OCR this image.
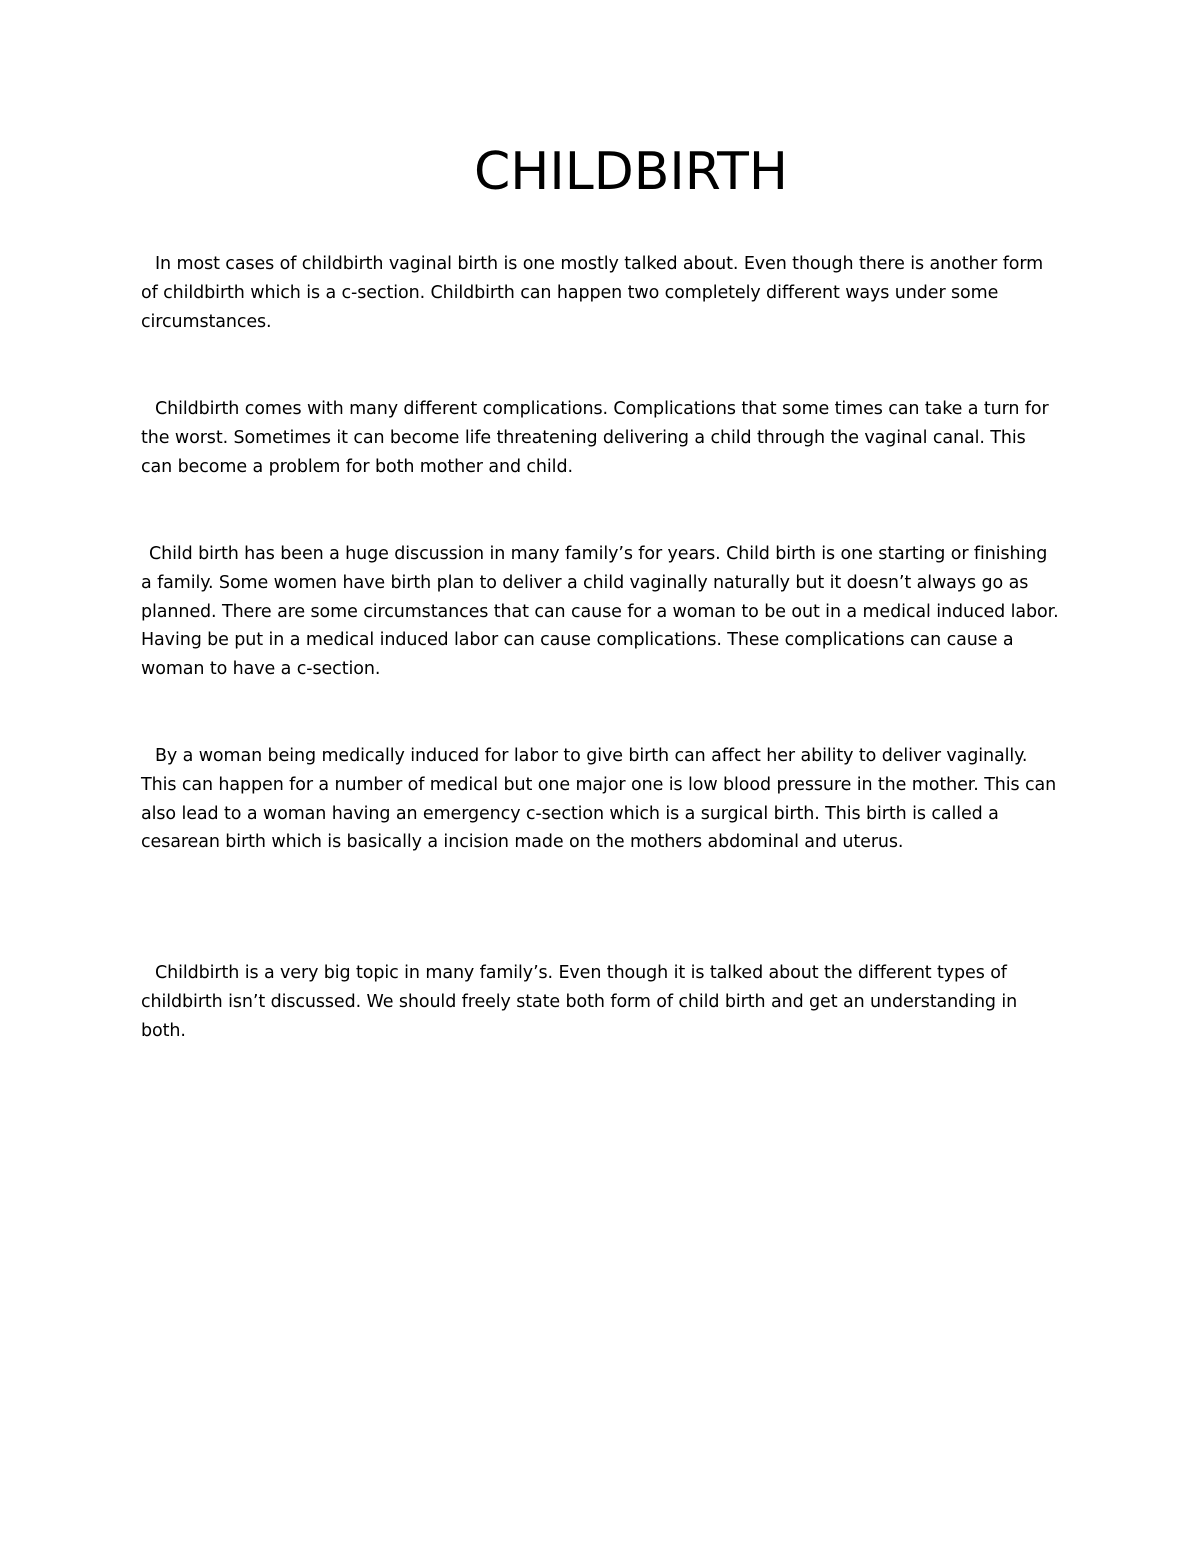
CHILDBIRTH

In most cases of childbirth vaginal birth is one mostly talked about. Even though there is another form of childbirth which is a c-section. Childbirth can happen two completely different ways under some circumstances.

Childbirth comes with many different complications. Complications that some times can take a turn for the worst. Sometimes it can become life threatening delivering a child through the vaginal canal. This can become a problem for both mother and child.

Child birth has been a huge discussion in many family’s for years. Child birth is one starting or finishing a family. Some women have birth plan to deliver a child vaginally naturally but it doesn’t always go as planned. There are some circumstances that can cause for a woman to be out in a medical induced labor. Having be put in a medical induced labor can cause complications. These complications can cause a woman to have a c-section.

By a woman being medically induced for labor to give birth can affect her ability to deliver vaginally. This can happen for a number of medical but one major one is low blood pressure in the mother. This can also lead to a woman having an emergency c-section which is a surgical birth. This birth is called a cesarean birth which is basically a incision made on the mothers abdominal and uterus.

Childbirth is a very big topic in many family’s. Even though it is talked about the different types of childbirth isn’t discussed. We should freely state both form of child birth and get an understanding in both.
